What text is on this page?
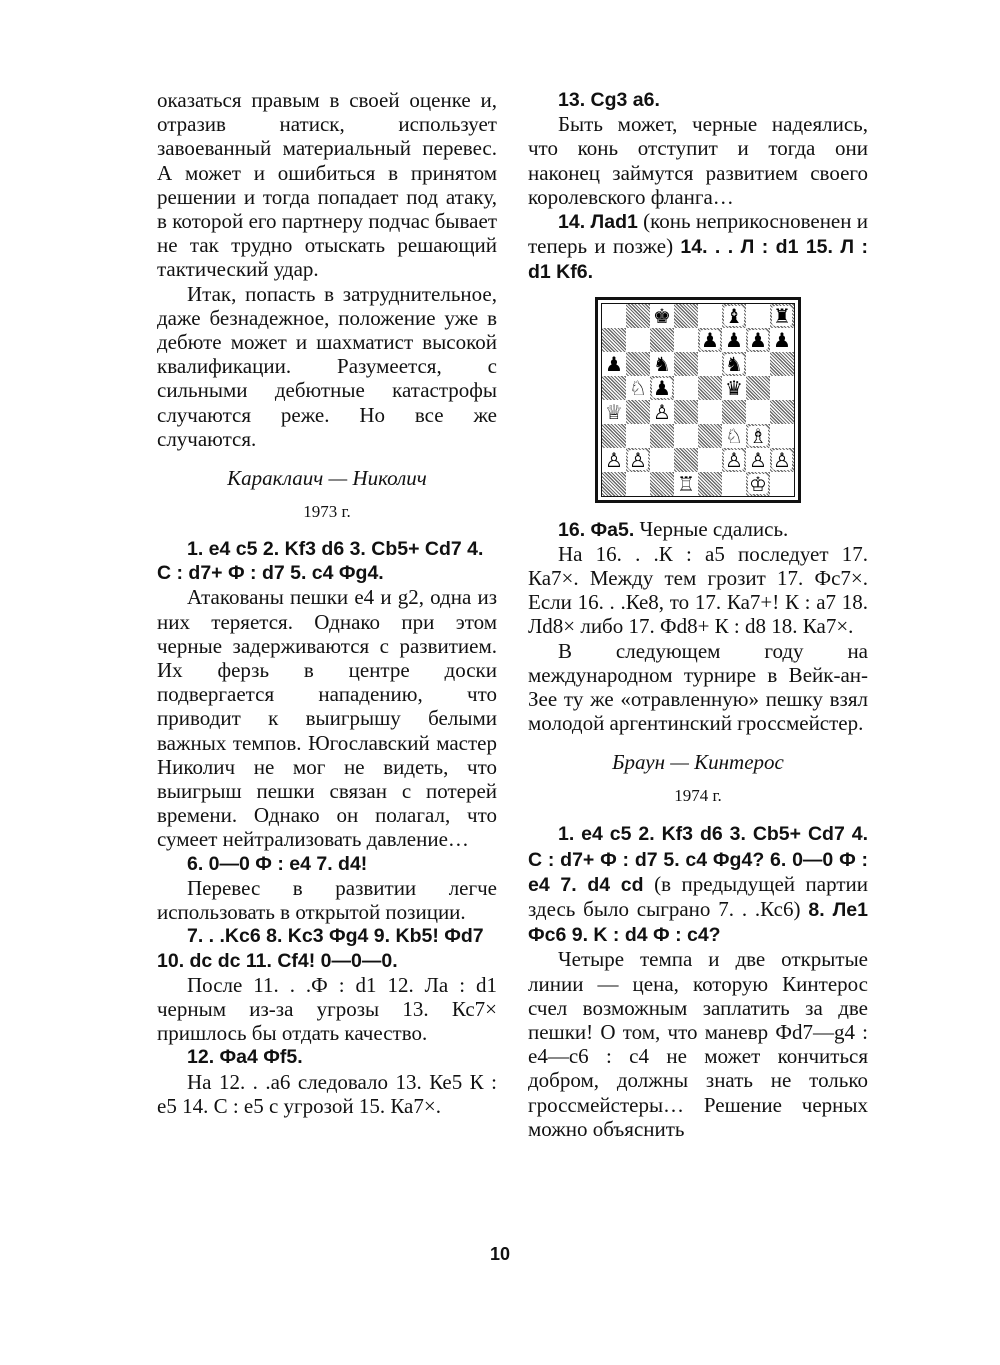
оказаться правым в своей оценке и, отразив натиск, использует завоеванный материальный перевес. А может и ошибиться в принятом решении и тогда попадает под атаку, в которой его партнеру подчас бывает не так трудно отыскать решающий тактический удар.

Итак, попасть в затруднительное, даже безнадежное, положение уже в дебюте может и шахматист высокой квалификации. Разумеется, с сильными дебютные катастрофы случаются реже. Но все же случаются.

Караклаич — Николич
1973 г.

1. e4 c5 2. Kf3 d6 3. Cb5+ Cd7 4. C : d7+ Ф : d7 5. c4 Фg4.

Атакованы пешки e4 и g2, одна из них теряется. Однако при этом черные задерживаются с развитием. Их ферзь в центре доски подвергается нападению, что приводит к выигрышу белыми важных темпов. Югославский мастер Николич не мог не видеть, что выигрыш пешки связан с потерей времени. Однако он полагал, что сумеет нейтрализовать давление…

6. 0—0 Ф : e4 7. d4!

Перевес в развитии легче использовать в открытой позиции.

7. . .Kc6 8. Kc3 Фg4 9. Kb5! Фd7 10. dc dc 11. Cf4! 0—0—0.

После 11. . .Ф : d1 12. Ла : d1 черным из-за угрозы 13. Кс7× пришлось бы отдать качество.

12. Фa4 Фf5.

На 12. . .а6 следовало 13. Ке5 К : е5 14. С : е5 с угрозой 15. Ка7×.

13. Cg3 a6.

Быть может, черные надеялись, что конь отступит и тогда они наконец займутся развитием своего королевского фланга…

14. Лad1 (конь неприкосновенен и теперь и позже) 14. . . Л : d1 15. Л : d1 Kf6.

♚	♝ ♜
♟ ♟ ♟ ♟
♟ ♞	♞
♘ ♟	♛
♕ ♙
♘ ♗
♙ ♙	♙ ♙ ♙
♖	♔

16. Фa5. Черные сдались.

На 16. . .К : а5 последует 17. Ка7×. Между тем грозит 17. Фс7×. Если 16. . .Ке8, то 17. Ка7+! К : а7 18. Лd8× либо 17. Фd8+ К : d8 18. Ка7×.

В следующем году на международном турнире в Вейк-ан-Зее ту же «отравленную» пешку взял молодой аргентинский гроссмейстер.

Браун — Кинтерос
1974 г.

1. e4 c5 2. Kf3 d6 3. Cb5+ Cd7 4. C : d7+ Ф : d7 5. c4 Фg4? 6. 0—0 Ф : e4 7. d4 cd (в предыдущей партии здесь было сыграно 7. . .Кс6) 8. Лe1 Фc6 9. K : d4 Ф : c4?

Четыре темпа и две открытые линии — цена, которую Кинтерос счел возможным заплатить за две пешки! О том, что маневр Фd7—g4 : е4—с6 : с4 не может кончиться добром, должны знать не только гроссмейстеры… Решение черных можно объяснить

10
